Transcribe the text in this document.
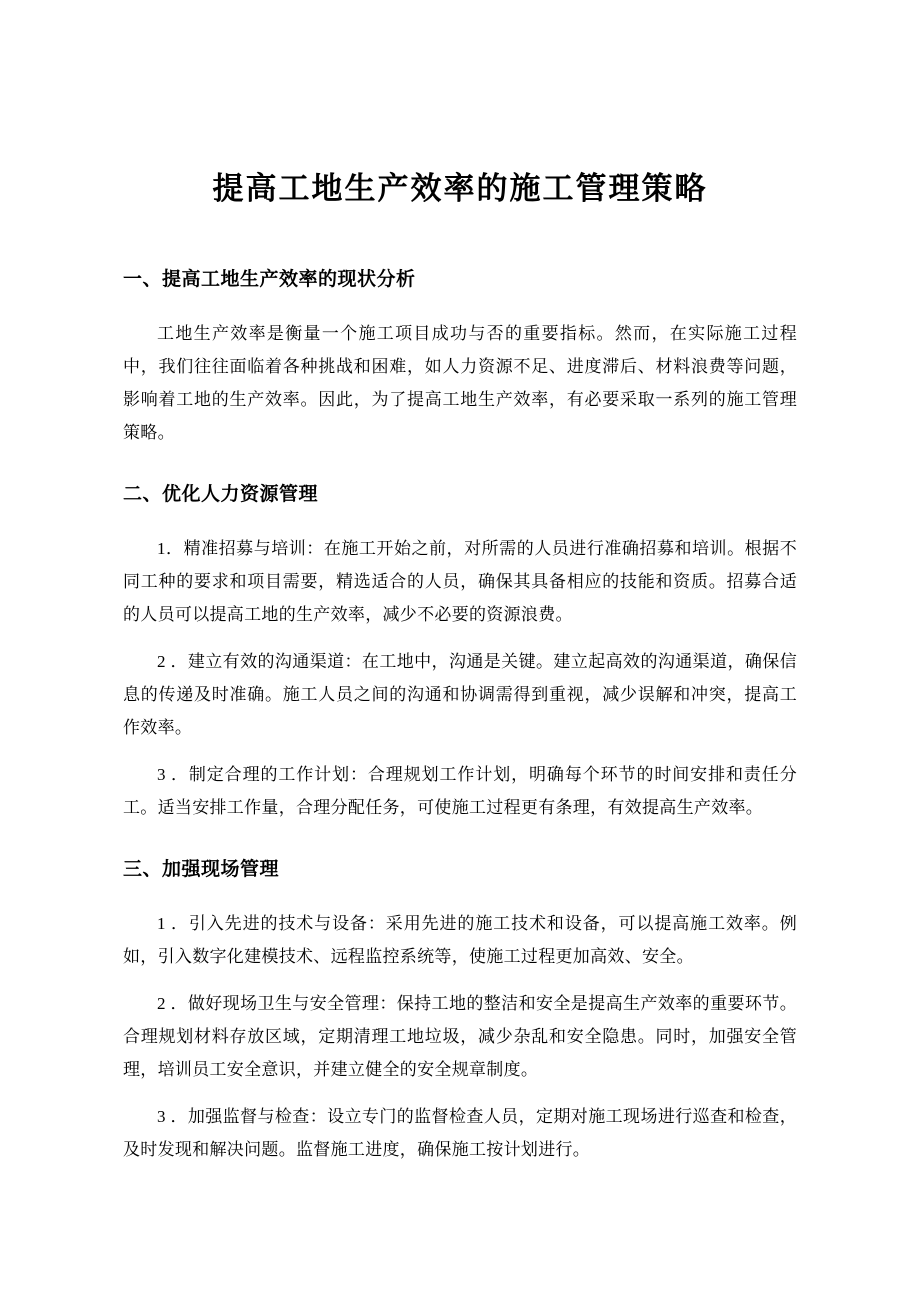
提高工地生产效率的施工管理策略
一、提高工地生产效率的现状分析

工地生产效率是衡量一个施工项目成功与否的重要指标。然而，在实际施工过程中，我们往往面临着各种挑战和困难，如人力资源不足、进度滞后、材料浪费等问题，影响着工地的生产效率。因此，为了提高工地生产效率，有必要采取一系列的施工管理策略。

二、优化人力资源管理

1．精准招募与培训：在施工开始之前，对所需的人员进行准确招募和培训。根据不同工种的要求和项目需要，精选适合的人员，确保其具备相应的技能和资质。招募合适的人员可以提高工地的生产效率，减少不必要的资源浪费。

2 ．建立有效的沟通渠道：在工地中，沟通是关键。建立起高效的沟通渠道，确保信息的传递及时准确。施工人员之间的沟通和协调需得到重视，减少误解和冲突，提高工作效率。

3 ．制定合理的工作计划：合理规划工作计划，明确每个环节的时间安排和责任分工。适当安排工作量，合理分配任务，可使施工过程更有条理，有效提高生产效率。

三、加强现场管理

1 ．引入先进的技术与设备：采用先进的施工技术和设备，可以提高施工效率。例如，引入数字化建模技术、远程监控系统等，使施工过程更加高效、安全。

2 ．做好现场卫生与安全管理：保持工地的整洁和安全是提高生产效率的重要环节。合理规划材料存放区域，定期清理工地垃圾，减少杂乱和安全隐患。同时，加强安全管理，培训员工安全意识，并建立健全的安全规章制度。

3 ．加强监督与检查：设立专门的监督检查人员，定期对施工现场进行巡查和检查，及时发现和解决问题。监督施工进度，确保施工按计划进行。
